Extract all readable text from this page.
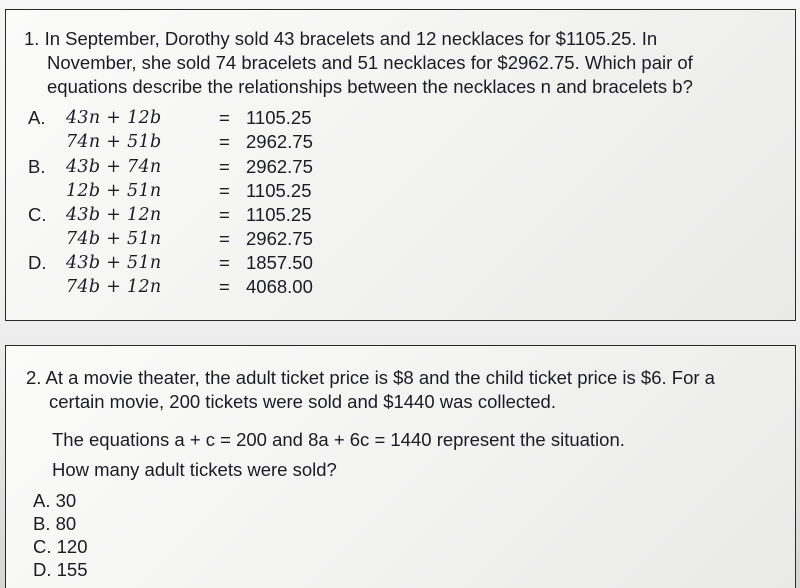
1. In September, Dorothy sold 43 bracelets and 12 necklaces for $1105.25. In
November, she sold 74 bracelets and 51 necklaces for $2962.75. Which pair of
equations describe the relationships between the necklaces n and bracelets b?
A.	43n + 12b	= 1105.25
74n + 51b	= 2962.75
B.	43b + 74n	= 2962.75
12b + 51n	= 1105.25
C.	43b + 12n	= 1105.25
74b + 51n	= 2962.75
D.	43b + 51n	= 1857.50
74b + 12n	= 4068.00
2. At a movie theater, the adult ticket price is $8 and the child ticket price is $6. For a
certain movie, 200 tickets were sold and $1440 was collected.
The equations a + c = 200 and 8a + 6c = 1440 represent the situation.
How many adult tickets were sold?
A. 30
B. 80
C. 120
D. 155
